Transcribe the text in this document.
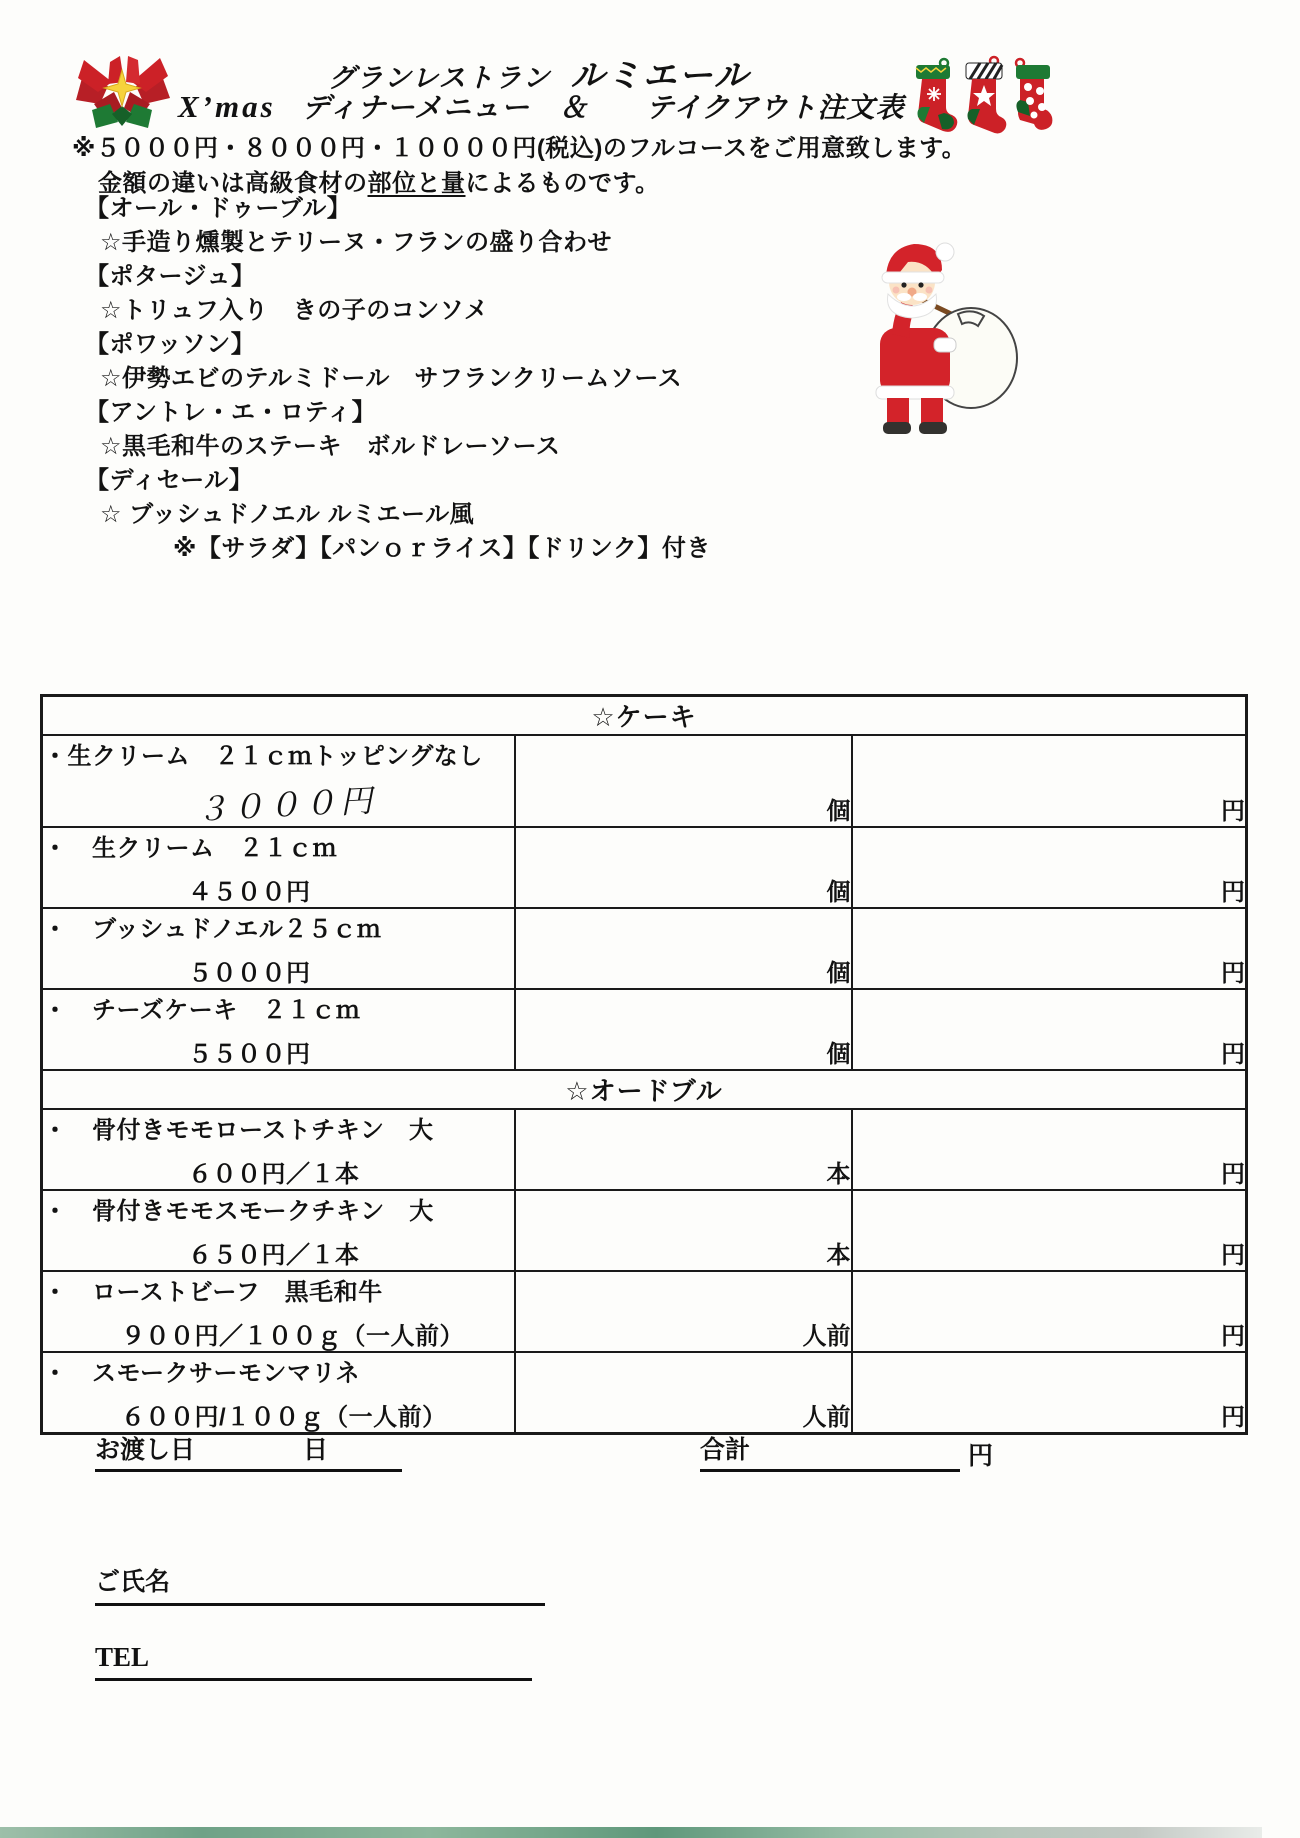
グランレストラン ルミエール
X’mas ディナーメニュー　＆　　テイクアウト注文表
※５０００円・８０００円・１００００円(税込)のフルコースをご用意致します。
金額の違いは高級食材の部位と量によるものです。
【オール・ドゥーブル】
☆手造り燻製とテリーヌ・フランの盛り合わせ
【ポタージュ】
☆トリュフ入り　きの子のコンソメ
【ポワッソン】
☆伊勢エビのテルミドール　サフランクリームソース
【アントレ・エ・ロティ】
☆黒毛和牛のステーキ　ボルドレーソース
【ディセール】
☆ ブッシュドノエル ルミエール風
※【サラダ】【パンｏｒライス】【ドリンク】付き
☆ケーキ		

・生クリーム　２１ｃｍトッピングなし
３０００円	個	円

・　生クリーム　２１ｃｍ
４５００円	個	円

・　ブッシュドノエル２５ｃｍ
５０００円	個	円

・　チーズケーキ　２１ｃｍ
５５００円	個	円
☆オードブル		

・　骨付きモモローストチキン　大
６００円／１本	本	円

・　骨付きモモスモークチキン　大
６５０円／１本	本	円

・　ローストビーフ　黒毛和牛
９００円／１００ｇ（一人前）	人前	円

・　スモークサーモンマリネ
６００円/１００ｇ（一人前）	人前	円
お渡し日	日	合計	円
ご氏名
TEL
